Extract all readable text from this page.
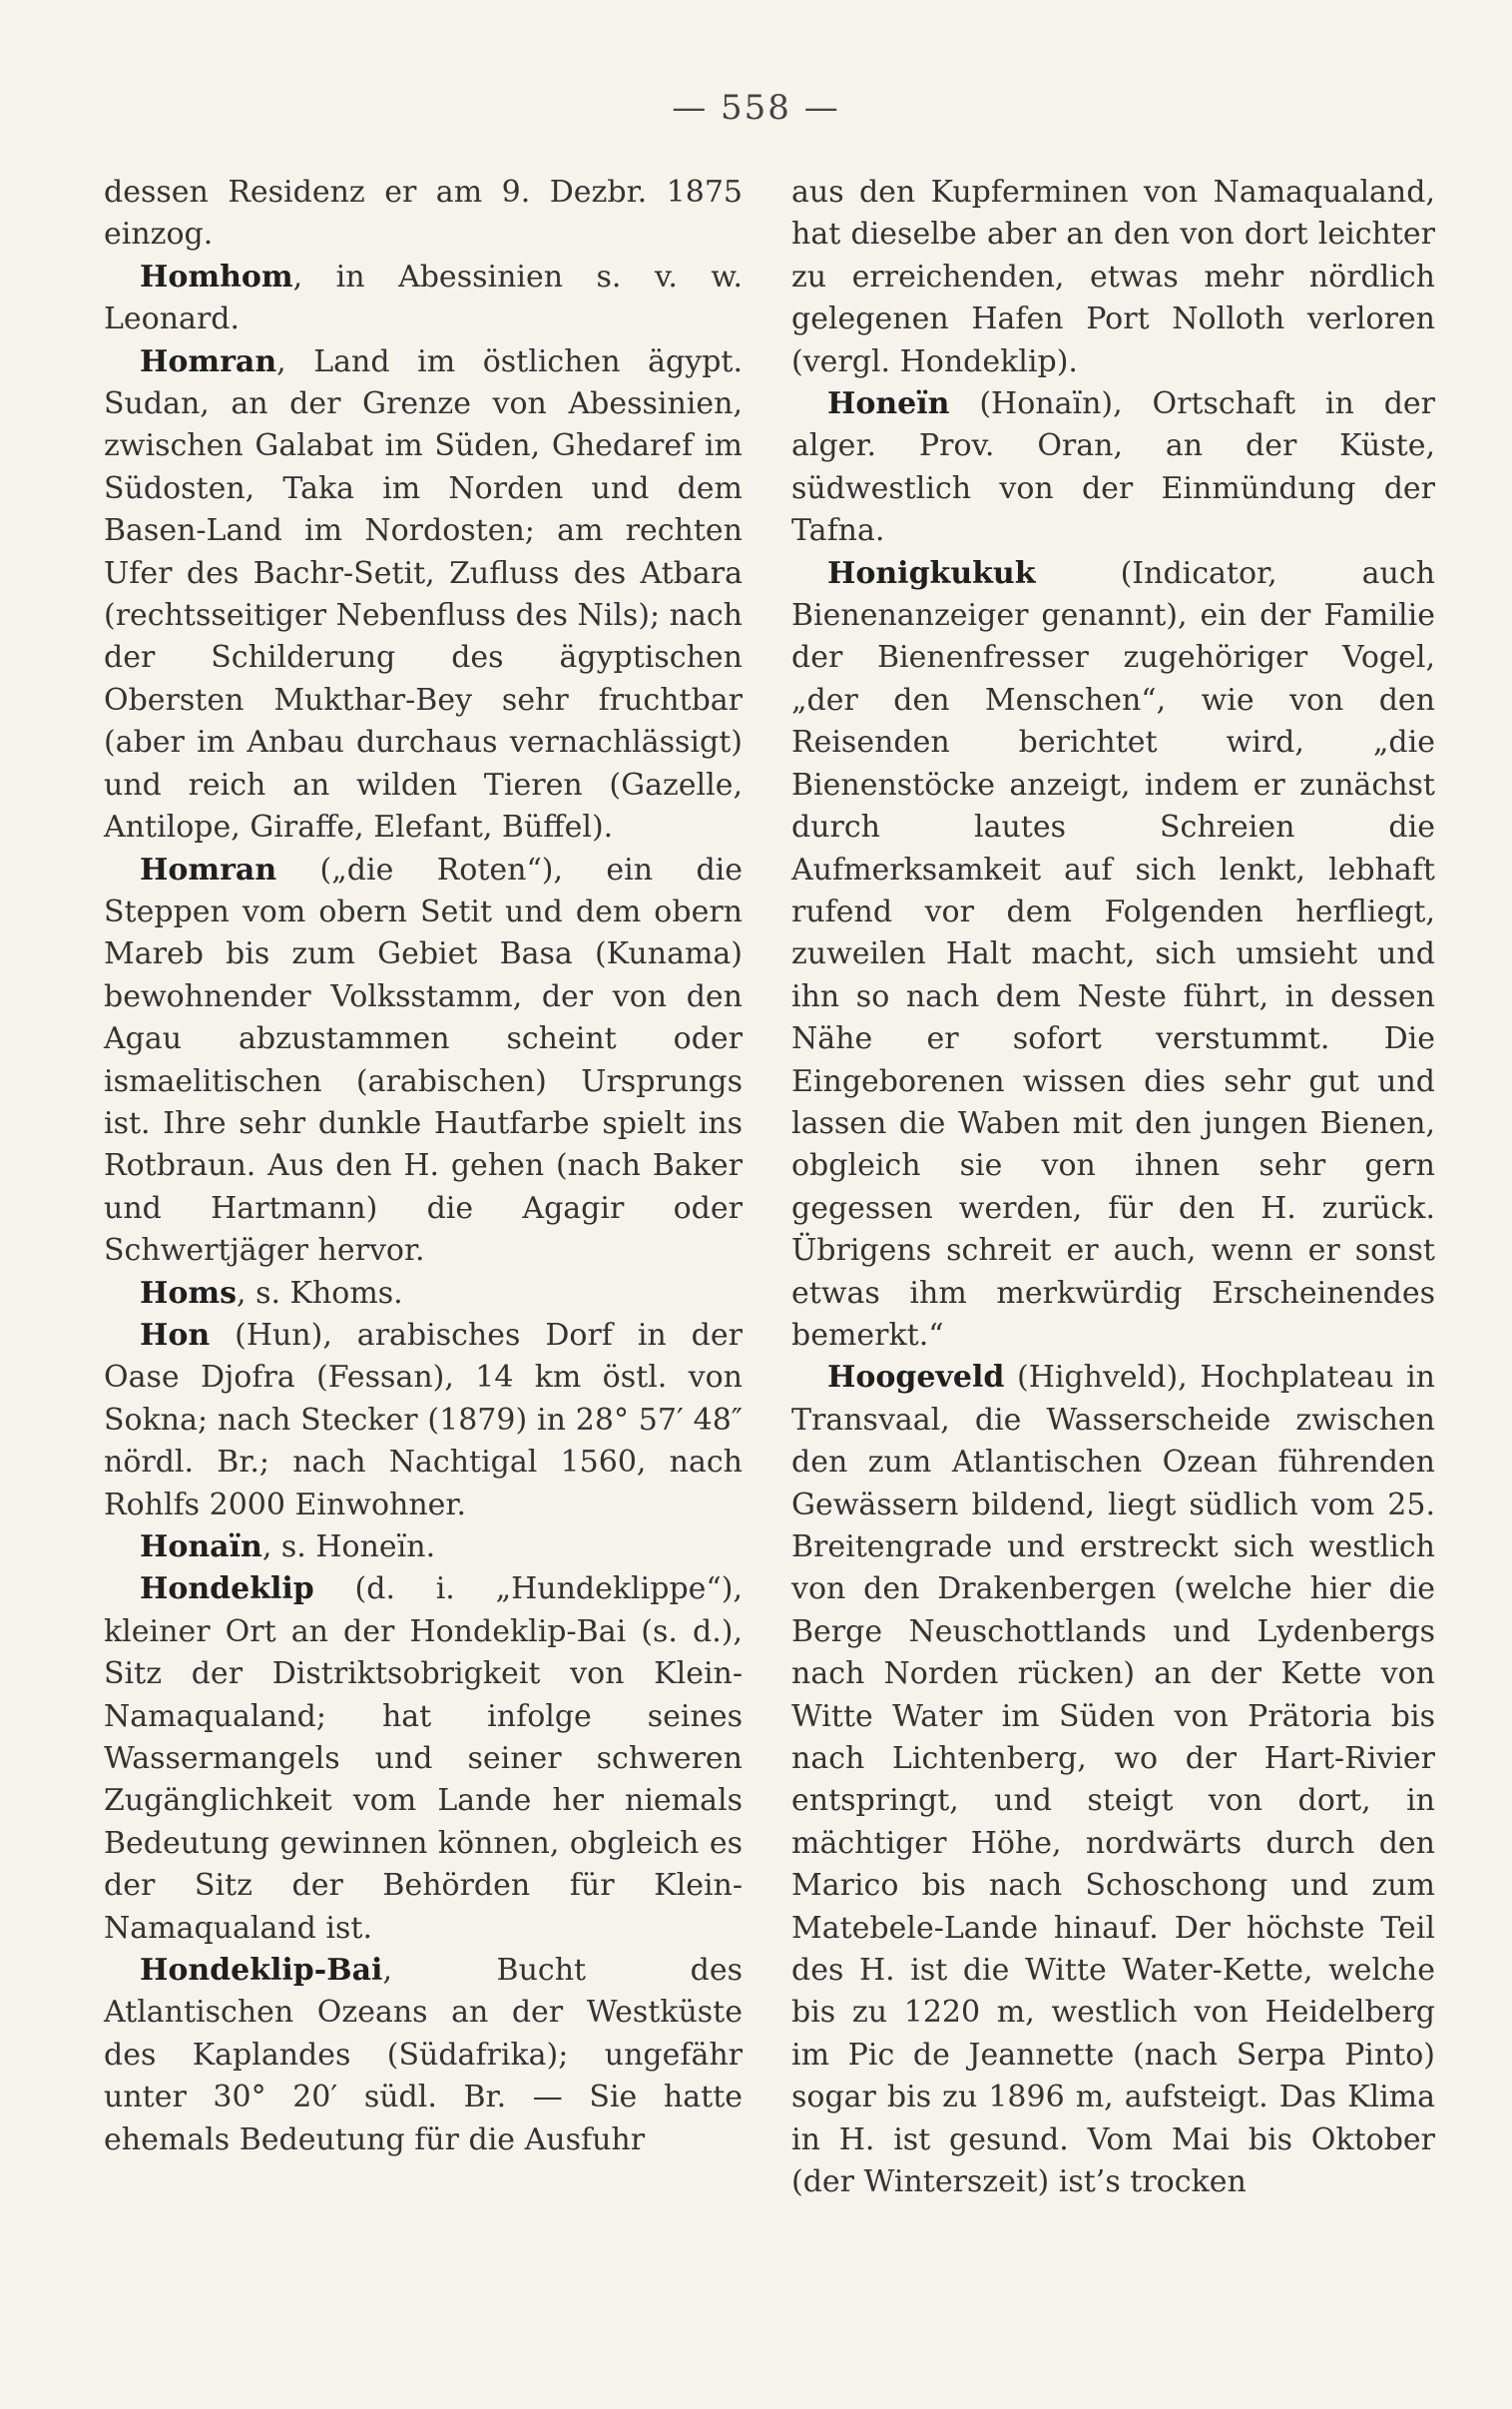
— 558 —

dessen Residenz er am 9. Dezbr. 1875 einzog.

Homhom, in Abessinien s. v. w. Leonard.

Homran, Land im östlichen ägypt. Sudan, an der Grenze von Abessinien, zwischen Galabat im Süden, Ghedaref im Südosten, Taka im Norden und dem Basen-Land im Nordosten; am rechten Ufer des Bachr-Setit, Zufluss des Atbara (rechtsseitiger Nebenfluss des Nils); nach der Schilderung des ägyptischen Obersten Mukthar-Bey sehr fruchtbar (aber im Anbau durchaus vernachlässigt) und reich an wilden Tieren (Gazelle, Antilope, Giraffe, Elefant, Büffel).

Homran („die Roten“), ein die Steppen vom obern Setit und dem obern Mareb bis zum Gebiet Basa (Kunama) bewohnender Volksstamm, der von den Agau abzustammen scheint oder ismaelitischen (arabischen) Ursprungs ist. Ihre sehr dunkle Hautfarbe spielt ins Rotbraun. Aus den H. gehen (nach Baker und Hartmann) die Agagir oder Schwertjäger hervor.

Homs, s. Khoms.

Hon (Hun), arabisches Dorf in der Oase Djofra (Fessan), 14 km östl. von Sokna; nach Stecker (1879) in 28° 57′ 48″ nördl. Br.; nach Nachtigal 1560, nach Rohlfs 2000 Einwohner.

Honaïn, s. Honeïn.

Hondeklip (d. i. „Hundeklippe“), kleiner Ort an der Hondeklip-Bai (s. d.), Sitz der Distriktsobrigkeit von Klein-Namaqualand; hat infolge seines Wassermangels und seiner schweren Zugänglichkeit vom Lande her niemals Bedeutung gewinnen können, obgleich es der Sitz der Behörden für Klein-Namaqualand ist.

Hondeklip-Bai, Bucht des Atlantischen Ozeans an der Westküste des Kaplandes (Südafrika); ungefähr unter 30° 20′ südl. Br. — Sie hatte ehemals Bedeutung für die Ausfuhr

aus den Kupferminen von Namaqualand, hat dieselbe aber an den von dort leichter zu erreichenden, etwas mehr nördlich gelegenen Hafen Port Nolloth verloren (vergl. Hondeklip).

Honeïn (Honaïn), Ortschaft in der alger. Prov. Oran, an der Küste, südwestlich von der Einmündung der Tafna.

Honigkukuk (Indicator, auch Bienenanzeiger genannt), ein der Familie der Bienenfresser zugehöriger Vogel, „der den Menschen“, wie von den Reisenden berichtet wird, „die Bienenstöcke anzeigt, indem er zunächst durch lautes Schreien die Aufmerksamkeit auf sich lenkt, lebhaft rufend vor dem Folgenden herfliegt, zuweilen Halt macht, sich umsieht und ihn so nach dem Neste führt, in dessen Nähe er sofort verstummt. Die Eingeborenen wissen dies sehr gut und lassen die Waben mit den jungen Bienen, obgleich sie von ihnen sehr gern gegessen werden, für den H. zurück. Übrigens schreit er auch, wenn er sonst etwas ihm merkwürdig Erscheinendes bemerkt.“

Hoogeveld (Highveld), Hochplateau in Transvaal, die Wasserscheide zwischen den zum Atlantischen Ozean führenden Gewässern bildend, liegt südlich vom 25. Breitengrade und erstreckt sich westlich von den Drakenbergen (welche hier die Berge Neuschottlands und Lydenbergs nach Norden rücken) an der Kette von Witte Water im Süden von Prätoria bis nach Lichtenberg, wo der Hart-Rivier entspringt, und steigt von dort, in mächtiger Höhe, nordwärts durch den Marico bis nach Schoschong und zum Matebele-Lande hinauf. Der höchste Teil des H. ist die Witte Water-Kette, welche bis zu 1220 m, westlich von Heidelberg im Pic de Jeannette (nach Serpa Pinto) sogar bis zu 1896 m, aufsteigt. Das Klima in H. ist gesund. Vom Mai bis Oktober (der Winterszeit) ist’s trocken
